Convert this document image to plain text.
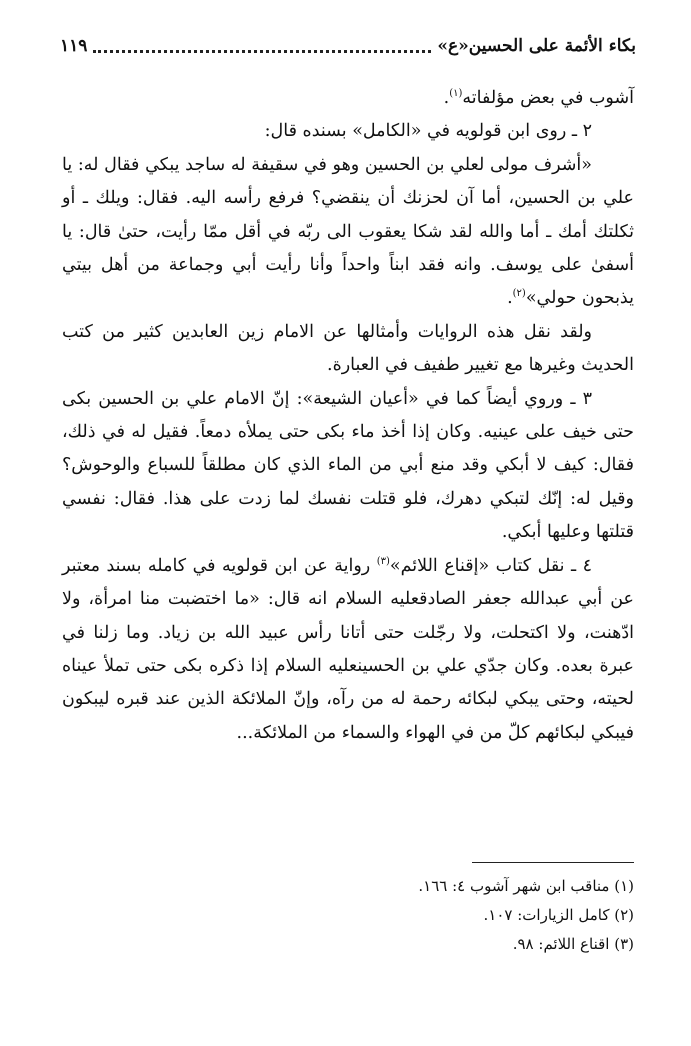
بكاء الأئمة على الحسين«ع»
١١٩

آشوب في بعض مؤلفاته$^{(١)}$.

٢ ـ روى ابن قولويه في «الكامل» بسنده قال:

«أشرف مولى لعلي بن الحسين وهو في سقيفة له ساجد يبكي فقال له: يا علي بن الحسين، أما آن لحزنك أن ينقضي؟ فرفع رأسه اليه. فقال: ويلك ـ أو ثكلتك أمك ـ أما والله لقد شكا يعقوب الى ربّه في أقل ممّا رأيت، حتىٰ قال: يا أسفىٰ على يوسف. وانه فقد ابناً واحداً وأنا رأيت أبي وجماعة من أهل بيتي يذبحون حولي»$^{(٢)}$.

ولقد نقل هذه الروايات وأمثالها عن الامام زين العابدين كثير من كتب الحديث وغيرها مع تغيير طفيف في العبارة.

٣ ـ وروي أيضاً كما في «أعيان الشيعة»: إنّ الامام علي بن الحسين بكى حتى خيف على عينيه. وكان إذا أخذ ماء بكى حتى يملأه دمعاً. فقيل له في ذلك، فقال: كيف لا أبكي وقد منع أبي من الماء الذي كان مطلقاً للسباع والوحوش؟ وقيل له: إنّك لتبكي دهرك، فلو قتلت نفسك لما زدت على هذا. فقال: نفسي قتلتها وعليها أبكي.

٤ ـ نقل كتاب «إقناع اللائم»$^{(٣)}$ رواية عن ابن قولويه في كامله بسند معتبر عن أبي عبدالله جعفر الصادقعليه السلام انه قال: «ما اختضبت منا امرأة، ولا ادّهنت، ولا اكتحلت، ولا رجّلت حتى أتانا رأس عبيد الله بن زياد. وما زلنا في عبرة بعده. وكان جدّي علي بن الحسينعليه السلام إذا ذكره بكى حتى تملأ عيناه لحيته، وحتى يبكي لبكائه رحمة له من رآه، وإنّ الملائكة الذين عند قبره ليبكون فيبكي لبكائهم كلّ من في الهواء والسماء من الملائكة...

(١) مناقب ابن شهر آشوب ٤: ١٦٦.
(٢) كامل الزيارات: ١٠٧.
(٣) اقناع اللائم: ٩٨.
